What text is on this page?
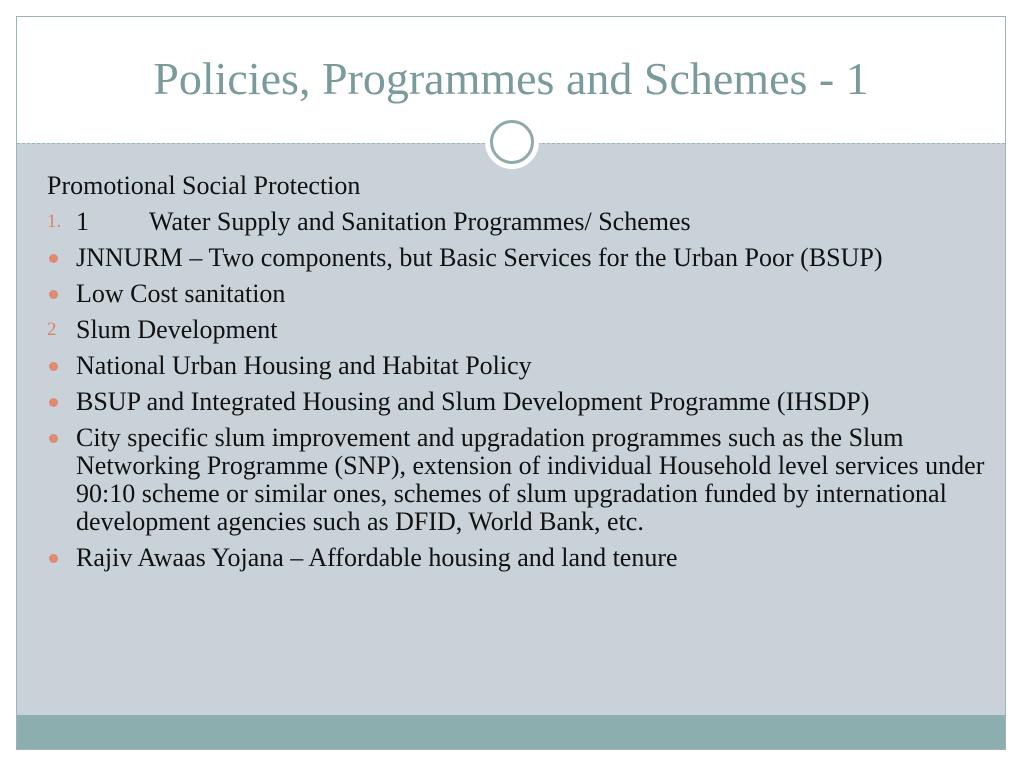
Policies, Programmes and Schemes - 1
Promotional Social Protection
1. 1 Water Supply and Sanitation Programmes/ Schemes
JNNURM – Two components, but Basic Services for the Urban Poor (BSUP)
Low Cost sanitation
2 Slum Development
National Urban Housing and Habitat Policy
BSUP and Integrated Housing and Slum Development Programme (IHSDP)
City specific slum improvement and upgradation programmes such as the Slum Networking Programme (SNP), extension of individual Household level services under 90:10 scheme or similar ones, schemes of slum upgradation funded by international development agencies such as DFID, World Bank, etc.
Rajiv Awaas Yojana – Affordable housing and land tenure
